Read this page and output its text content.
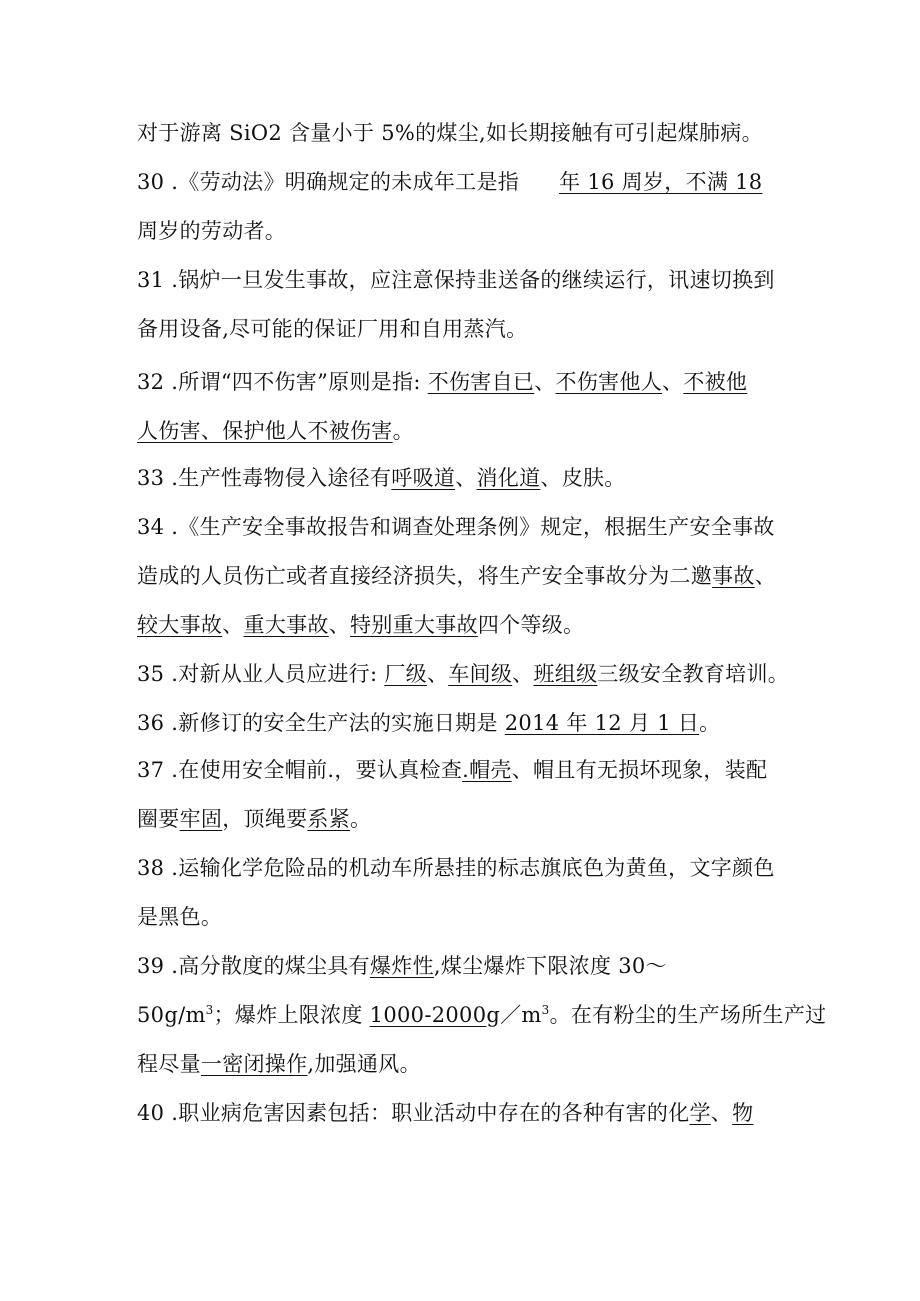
对于游离 SiO2 含量小于 5%的煤尘,如长期接触有可引起煤肺病。
30 .《劳动法》明确规定的未成年工是指 年 16 周岁，不满 18
周岁的劳动者。
31 .锅炉一旦发生事故，应注意保持韭送备的继续运行，讯速切换到
备用设备,尽可能的保证厂用和自用蒸汽。
32 .所谓“四不伤害”原则是指: 不伤害自已、不伤害他人、不被他
人伤害、保护他人不被伤害。
33 .生产性毒物侵入途径有呼吸道、消化道、皮肤。
34 .《生产安全事故报告和调查处理条例》规定，根据生产安全事故
造成的人员伤亡或者直接经济损失，将生产安全事故分为二邀事故、
较大事故、重大事故、特别重大事故四个等级。
35 .对新从业人员应进行: 厂级、车间级、班组级三级安全教育培训。
36 .新修订的安全生产法的实施日期是 2014 年 12 月 1 日。
37 .在使用安全帽前.，要认真检查.帽壳、帽且有无损坏现象，装配
圈要牢固，顶绳要系紧。
38 .运输化学危险品的机动车所悬挂的标志旗底色为黄鱼，文字颜色
是黑色。
39 .高分散度的煤尘具有爆炸性,煤尘爆炸下限浓度 30～
$50g/m^3$；爆炸上限浓度 $1000-2000g/m^3$。在有粉尘的生产场所生产过
程尽量一密闭操作,加强通风。
40 .职业病危害因素包括：职业活动中存在的各种有害的化学、物
